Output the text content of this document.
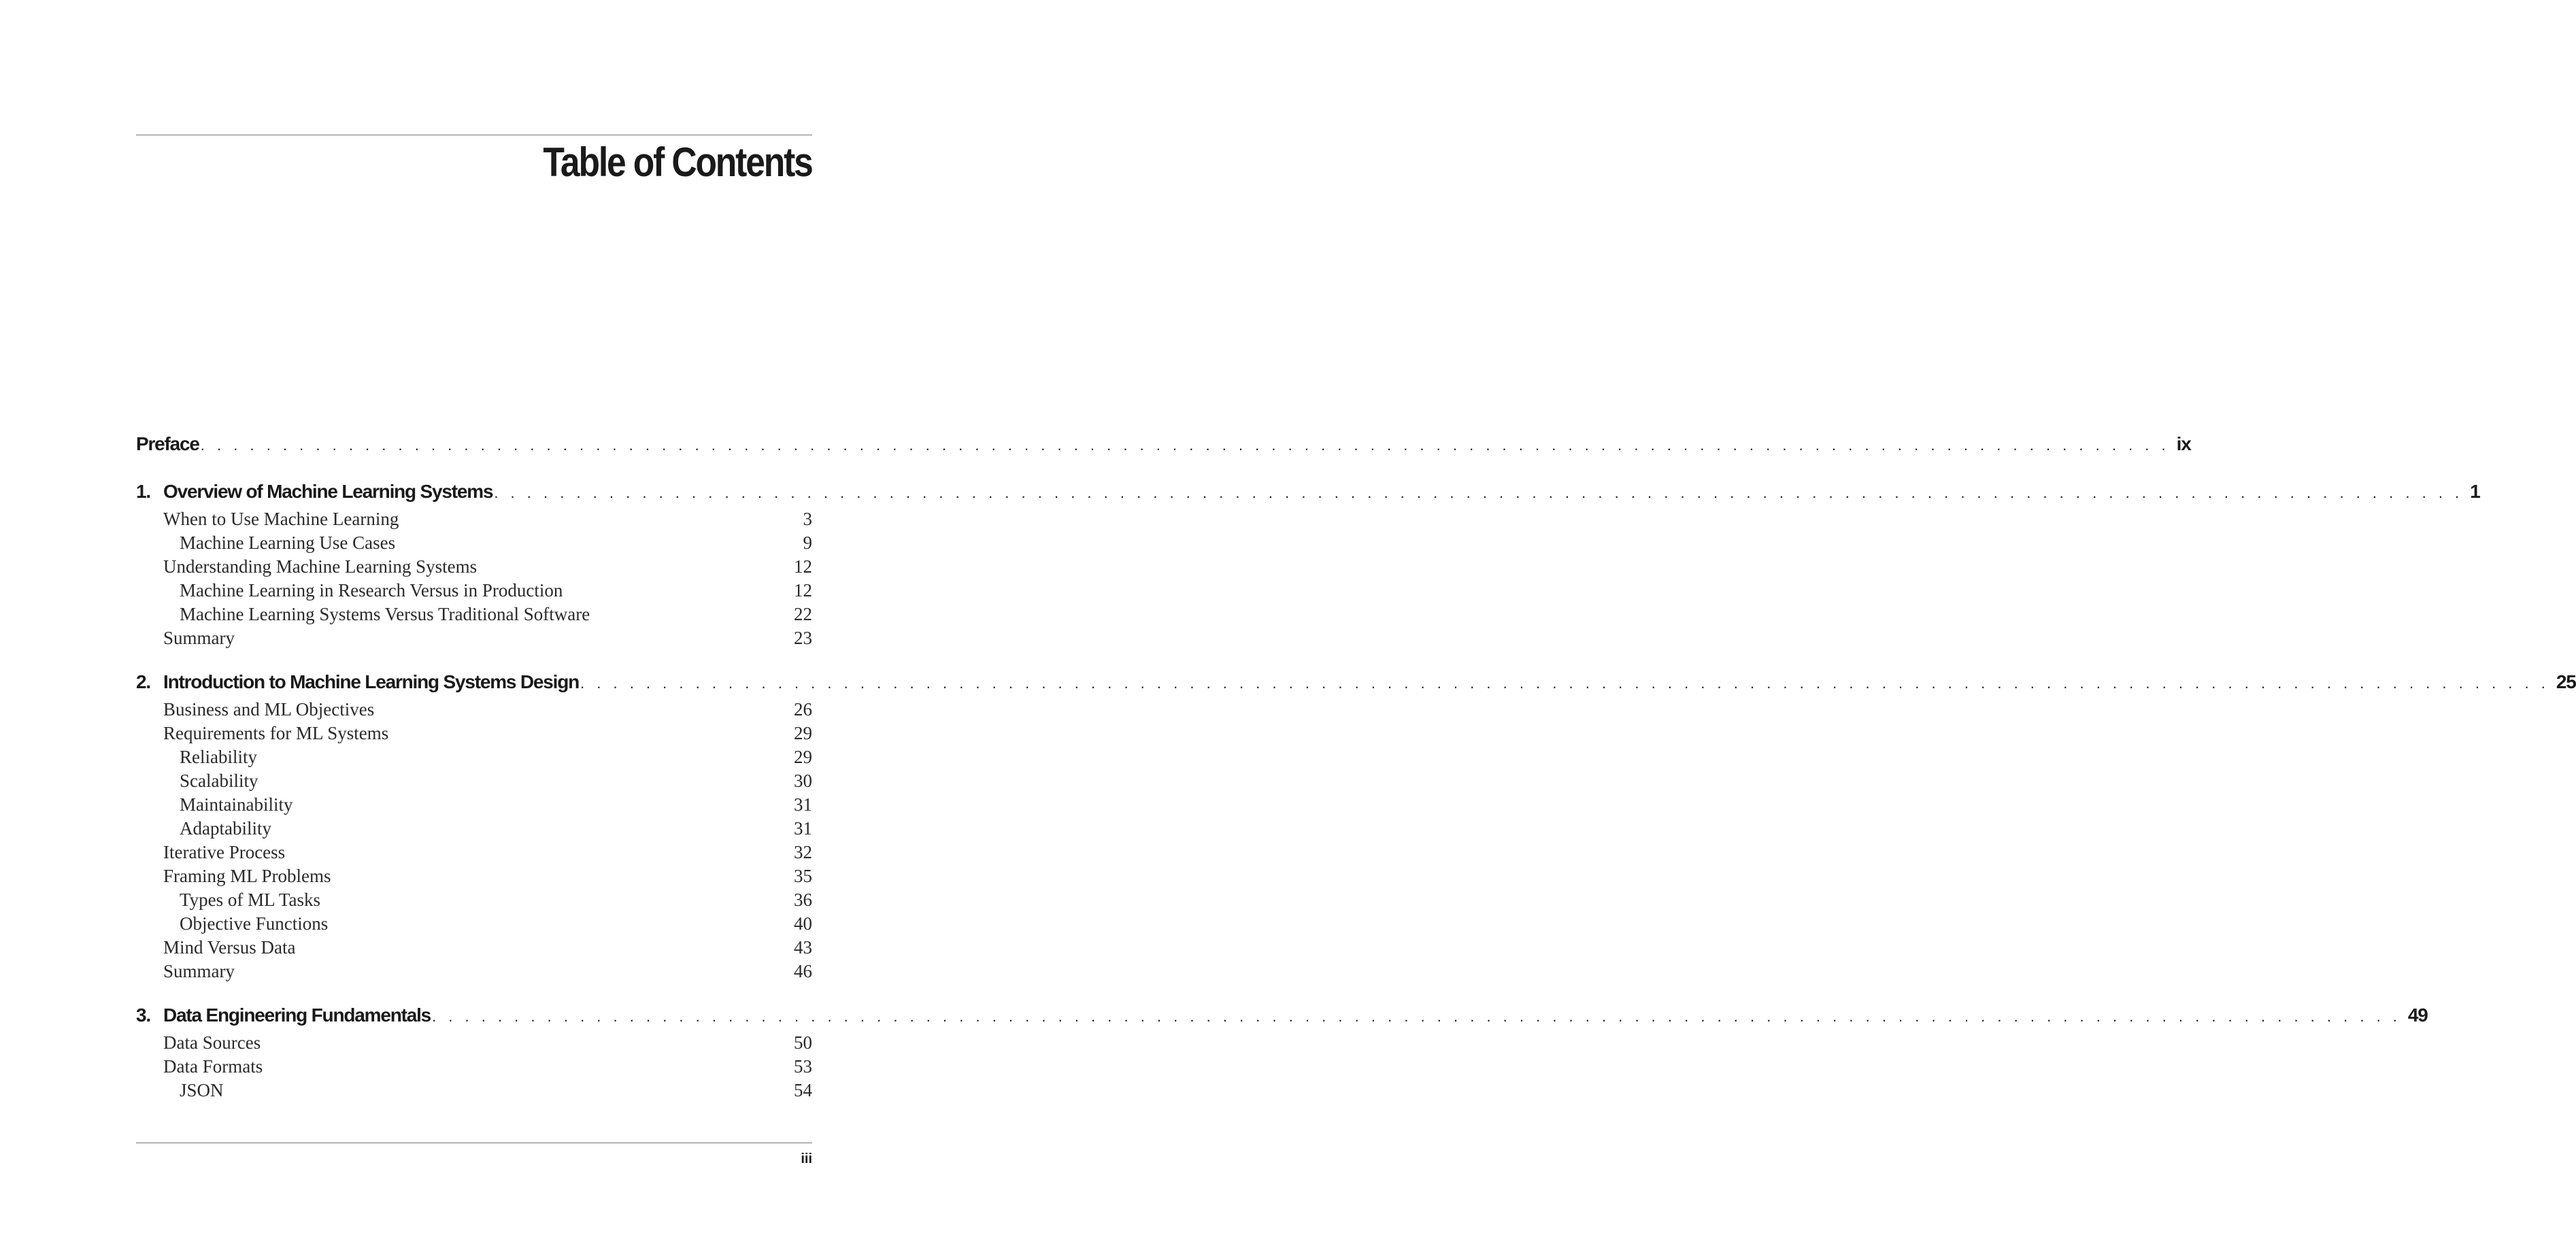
Table of Contents
Preface . . . . . . . . . . . . . . . . . . . . . . . . . . . . . . . . . . . . . . . . . . . . . . . . . . . . . . . . . . . . . . . . . . . . . . . . . . . . . . . . . . . . . . . . . . . . . . . . . . . . . . . . . . . . . . . . . . . . . . . . ix
1. Overview of Machine Learning Systems . . . . . . . . . . . . . . . . . . . . . . . . . . . . . . . . . . . . . . . . . . . . . . . . . . . . . . . . . . . . . . . . . . . . . . . . . . . . . . . . . . . . . . . . . . . . . . . . . . . . . . . . . . . . . . . . . . . . . . . . 1
When to Use Machine Learning	3
Machine Learning Use Cases	9
Understanding Machine Learning Systems	12
Machine Learning in Research Versus in Production	12
Machine Learning Systems Versus Traditional Software	22
Summary	23
2. Introduction to Machine Learning Systems Design . . . . . . . . . . . . . . . . . . . . . . . . . . . . . . . . . . . . . . . . . . . . . . . . . . . . . . . . . . . . . . . . . . . . . . . . . . . . . . . . . . . . . . . . . . . . . . . . . . . . . . . . . . . . . . . . . . . . . . . . 25
Business and ML Objectives	26
Requirements for ML Systems	29
Reliability	29
Scalability	30
Maintainability	31
Adaptability	31
Iterative Process	32
Framing ML Problems	35
Types of ML Tasks	36
Objective Functions	40
Mind Versus Data	43
Summary	46
3. Data Engineering Fundamentals . . . . . . . . . . . . . . . . . . . . . . . . . . . . . . . . . . . . . . . . . . . . . . . . . . . . . . . . . . . . . . . . . . . . . . . . . . . . . . . . . . . . . . . . . . . . . . . . . . . . . . . . . . . . . . . . . . . . . . . . 49
Data Sources	50
Data Formats	53
JSON	54
iii
